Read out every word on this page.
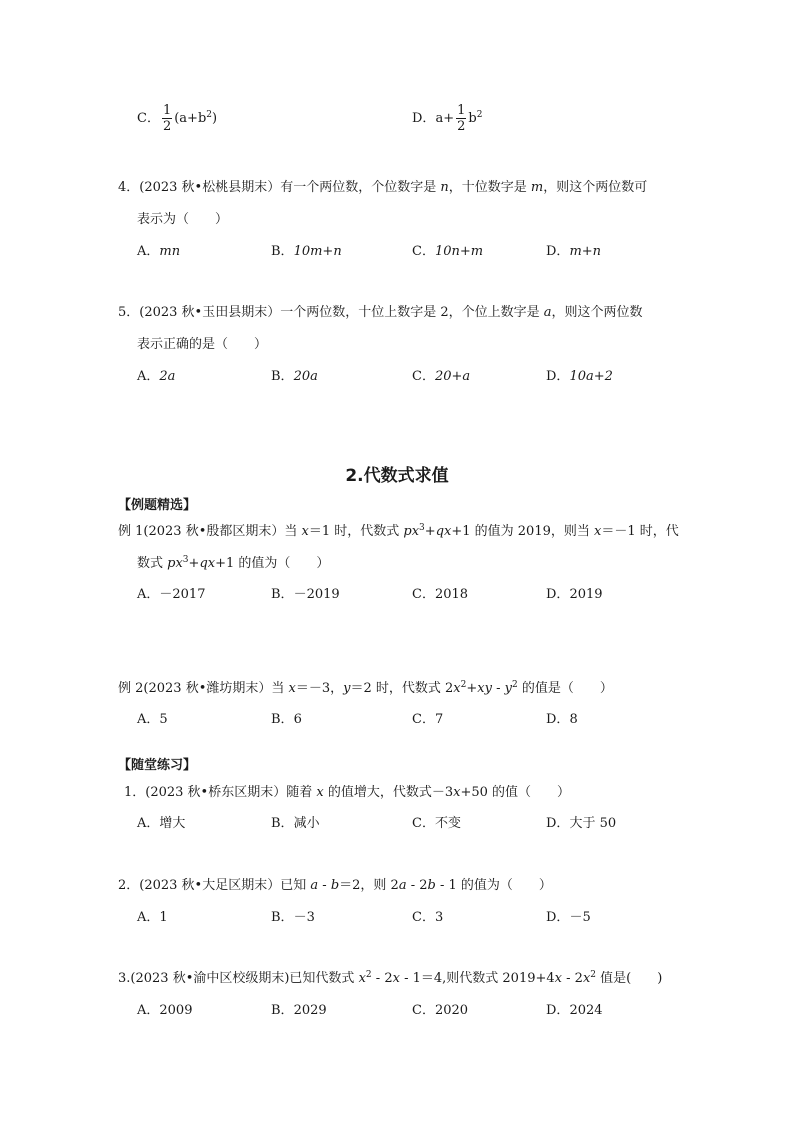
C． $\frac{1}{2} (a+b^2)$	D．$a+ \frac{1}{2} b^2$
4．(2023 秋•松桃县期末）有一个两位数，个位数字是 n，十位数字是 m，则这个两位数可
表示为（　　）
A．mn	B．10m+n	C．10n+m	D．m+n
5．(2023 秋•玉田县期末）一个两位数，十位上数字是 2，个位上数字是 a，则这个两位数
表示正确的是（　　）
A．2a	B．20a	C．20+a	D．10a+2
2.代数式求值
【例题精选】
例 1(2023 秋•殷都区期末）当 x＝1 时，代数式 $px^3+qx+1$ 的值为 2019，则当 x＝－1 时，代
数式 $px^3+qx+1$ 的值为（　　）
A．－2017	B．－2019	C．2018	D．2019
例 2(2023 秋•潍坊期末）当 x＝－3，y＝2 时，代数式 $2x^2+xy - y^2$ 的值是（　　）
A．5	B．6	C．7	D．8
【随堂练习】
1．(2023 秋•桥东区期末）随着 x 的值增大，代数式－3x+50 的值（　　）
A．增大	B．减小	C．不变	D．大于 50
2．(2023 秋•大足区期末）已知 a - b＝2，则 2a - 2b - 1 的值为（　　）
A．1	B．－3	C．3	D．－5
3.(2023 秋•渝中区校级期末)已知代数式 $x^2 - 2x - 1=4$,则代数式 $2019+4x - 2x^2$ 值是(　　)
A．2009	B．2029	C．2020	D．2024
